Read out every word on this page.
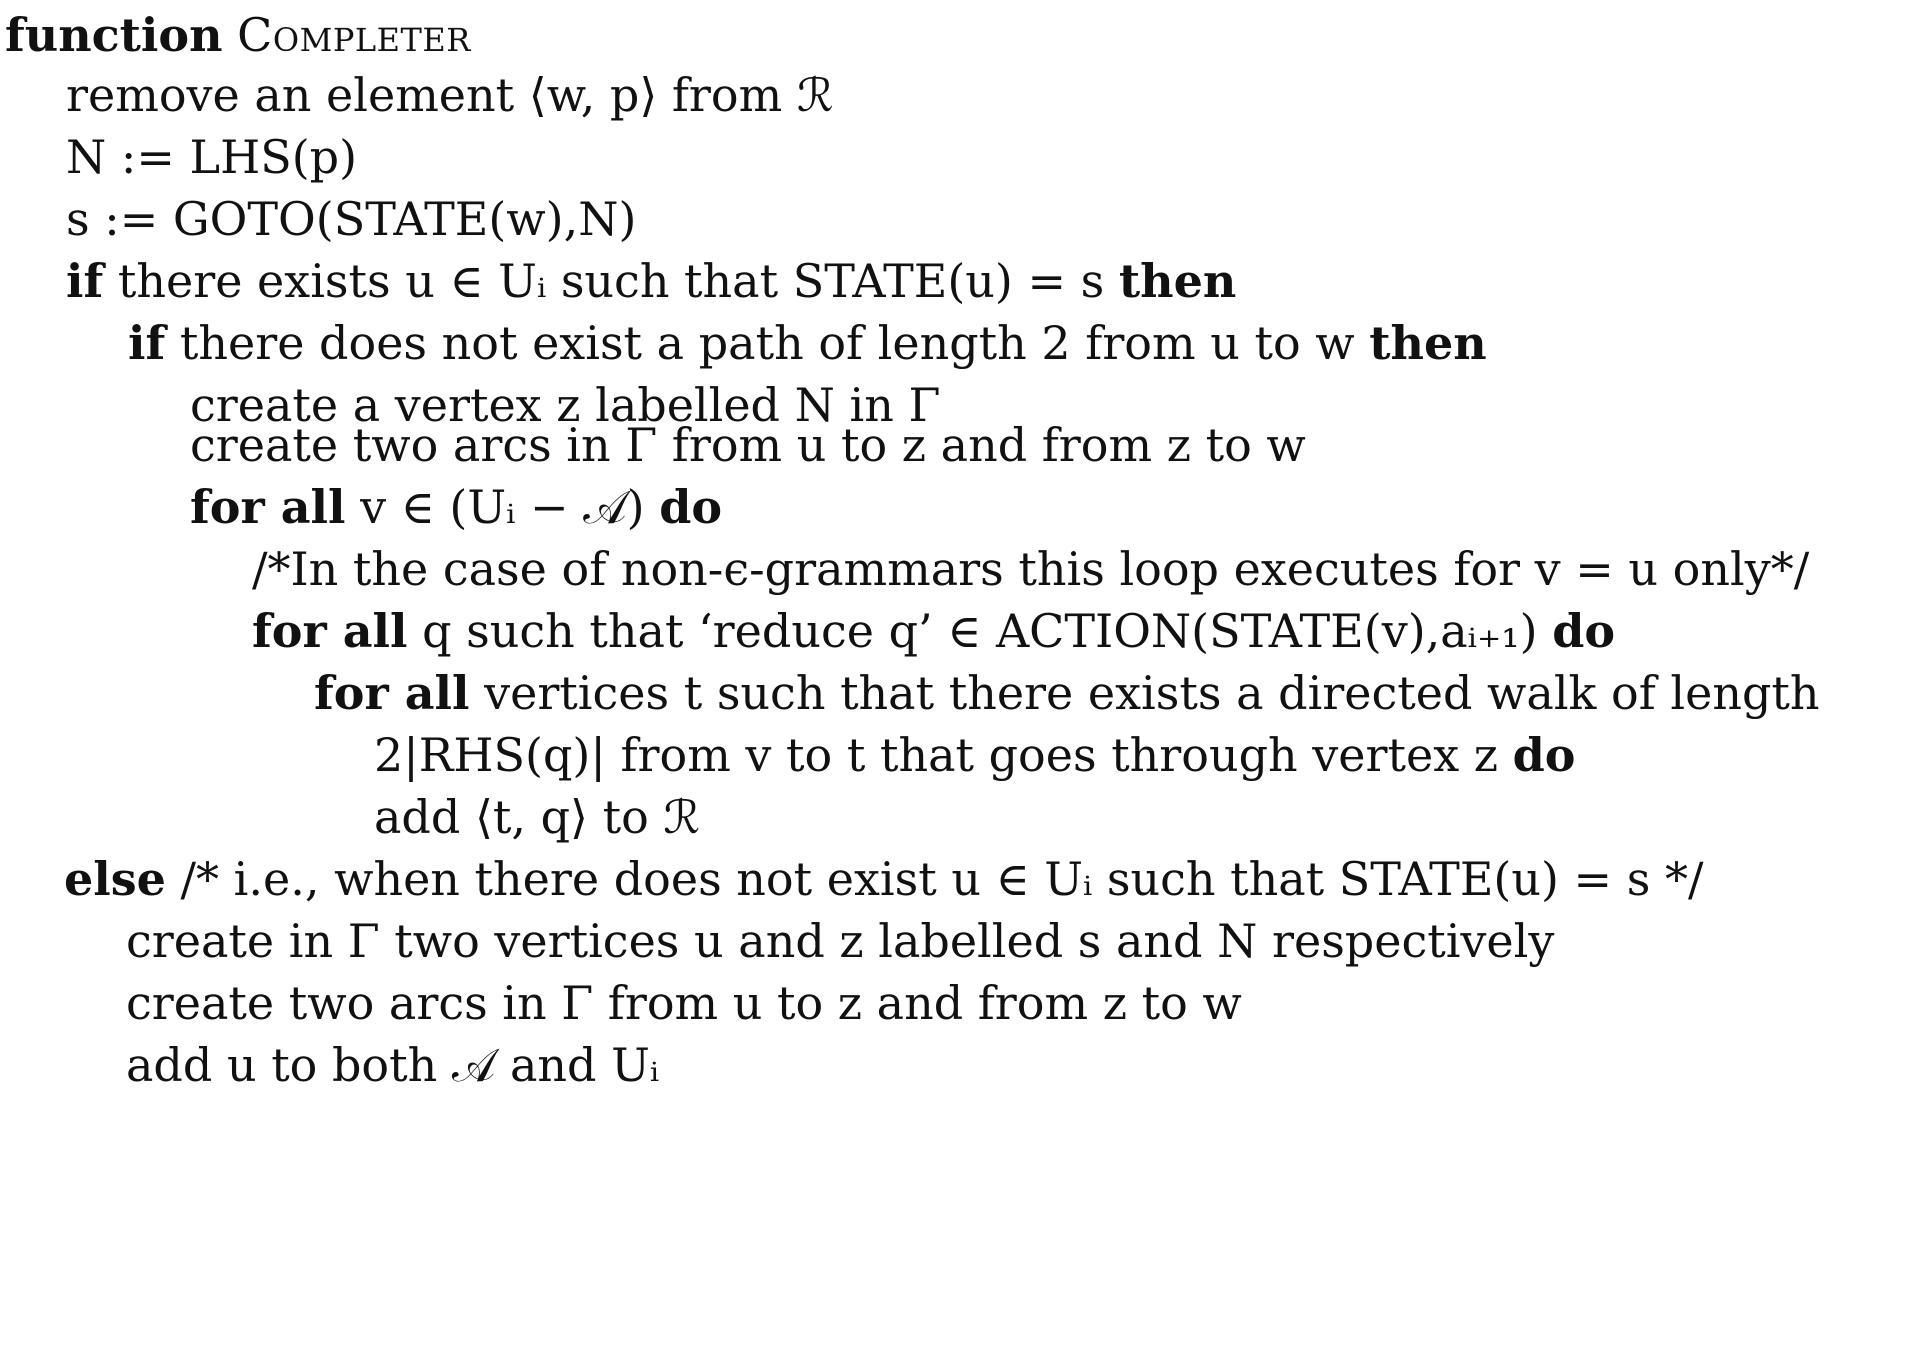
function Completer
remove an element ⟨w, p⟩ from ℛ
N := LHS(p)
s := GOTO(STATE(w),N)
if there exists u ∈ Uᵢ such that STATE(u) = s then
if there does not exist a path of length 2 from u to w then
create a vertex z labelled N in Γ
create two arcs in Γ from u to z and from z to w
for all v ∈ (Uᵢ − 𝒜) do
/*In the case of non-ϵ-grammars this loop executes for v = u only*/
for all q such that ‘reduce q’ ∈ ACTION(STATE(v),aᵢ₊₁) do
for all vertices t such that there exists a directed walk of length
2|RHS(q)| from v to t that goes through vertex z do
add ⟨t, q⟩ to ℛ
else /* i.e., when there does not exist u ∈ Uᵢ such that STATE(u) = s */
create in Γ two vertices u and z labelled s and N respectively
create two arcs in Γ from u to z and from z to w
add u to both 𝒜 and Uᵢ
